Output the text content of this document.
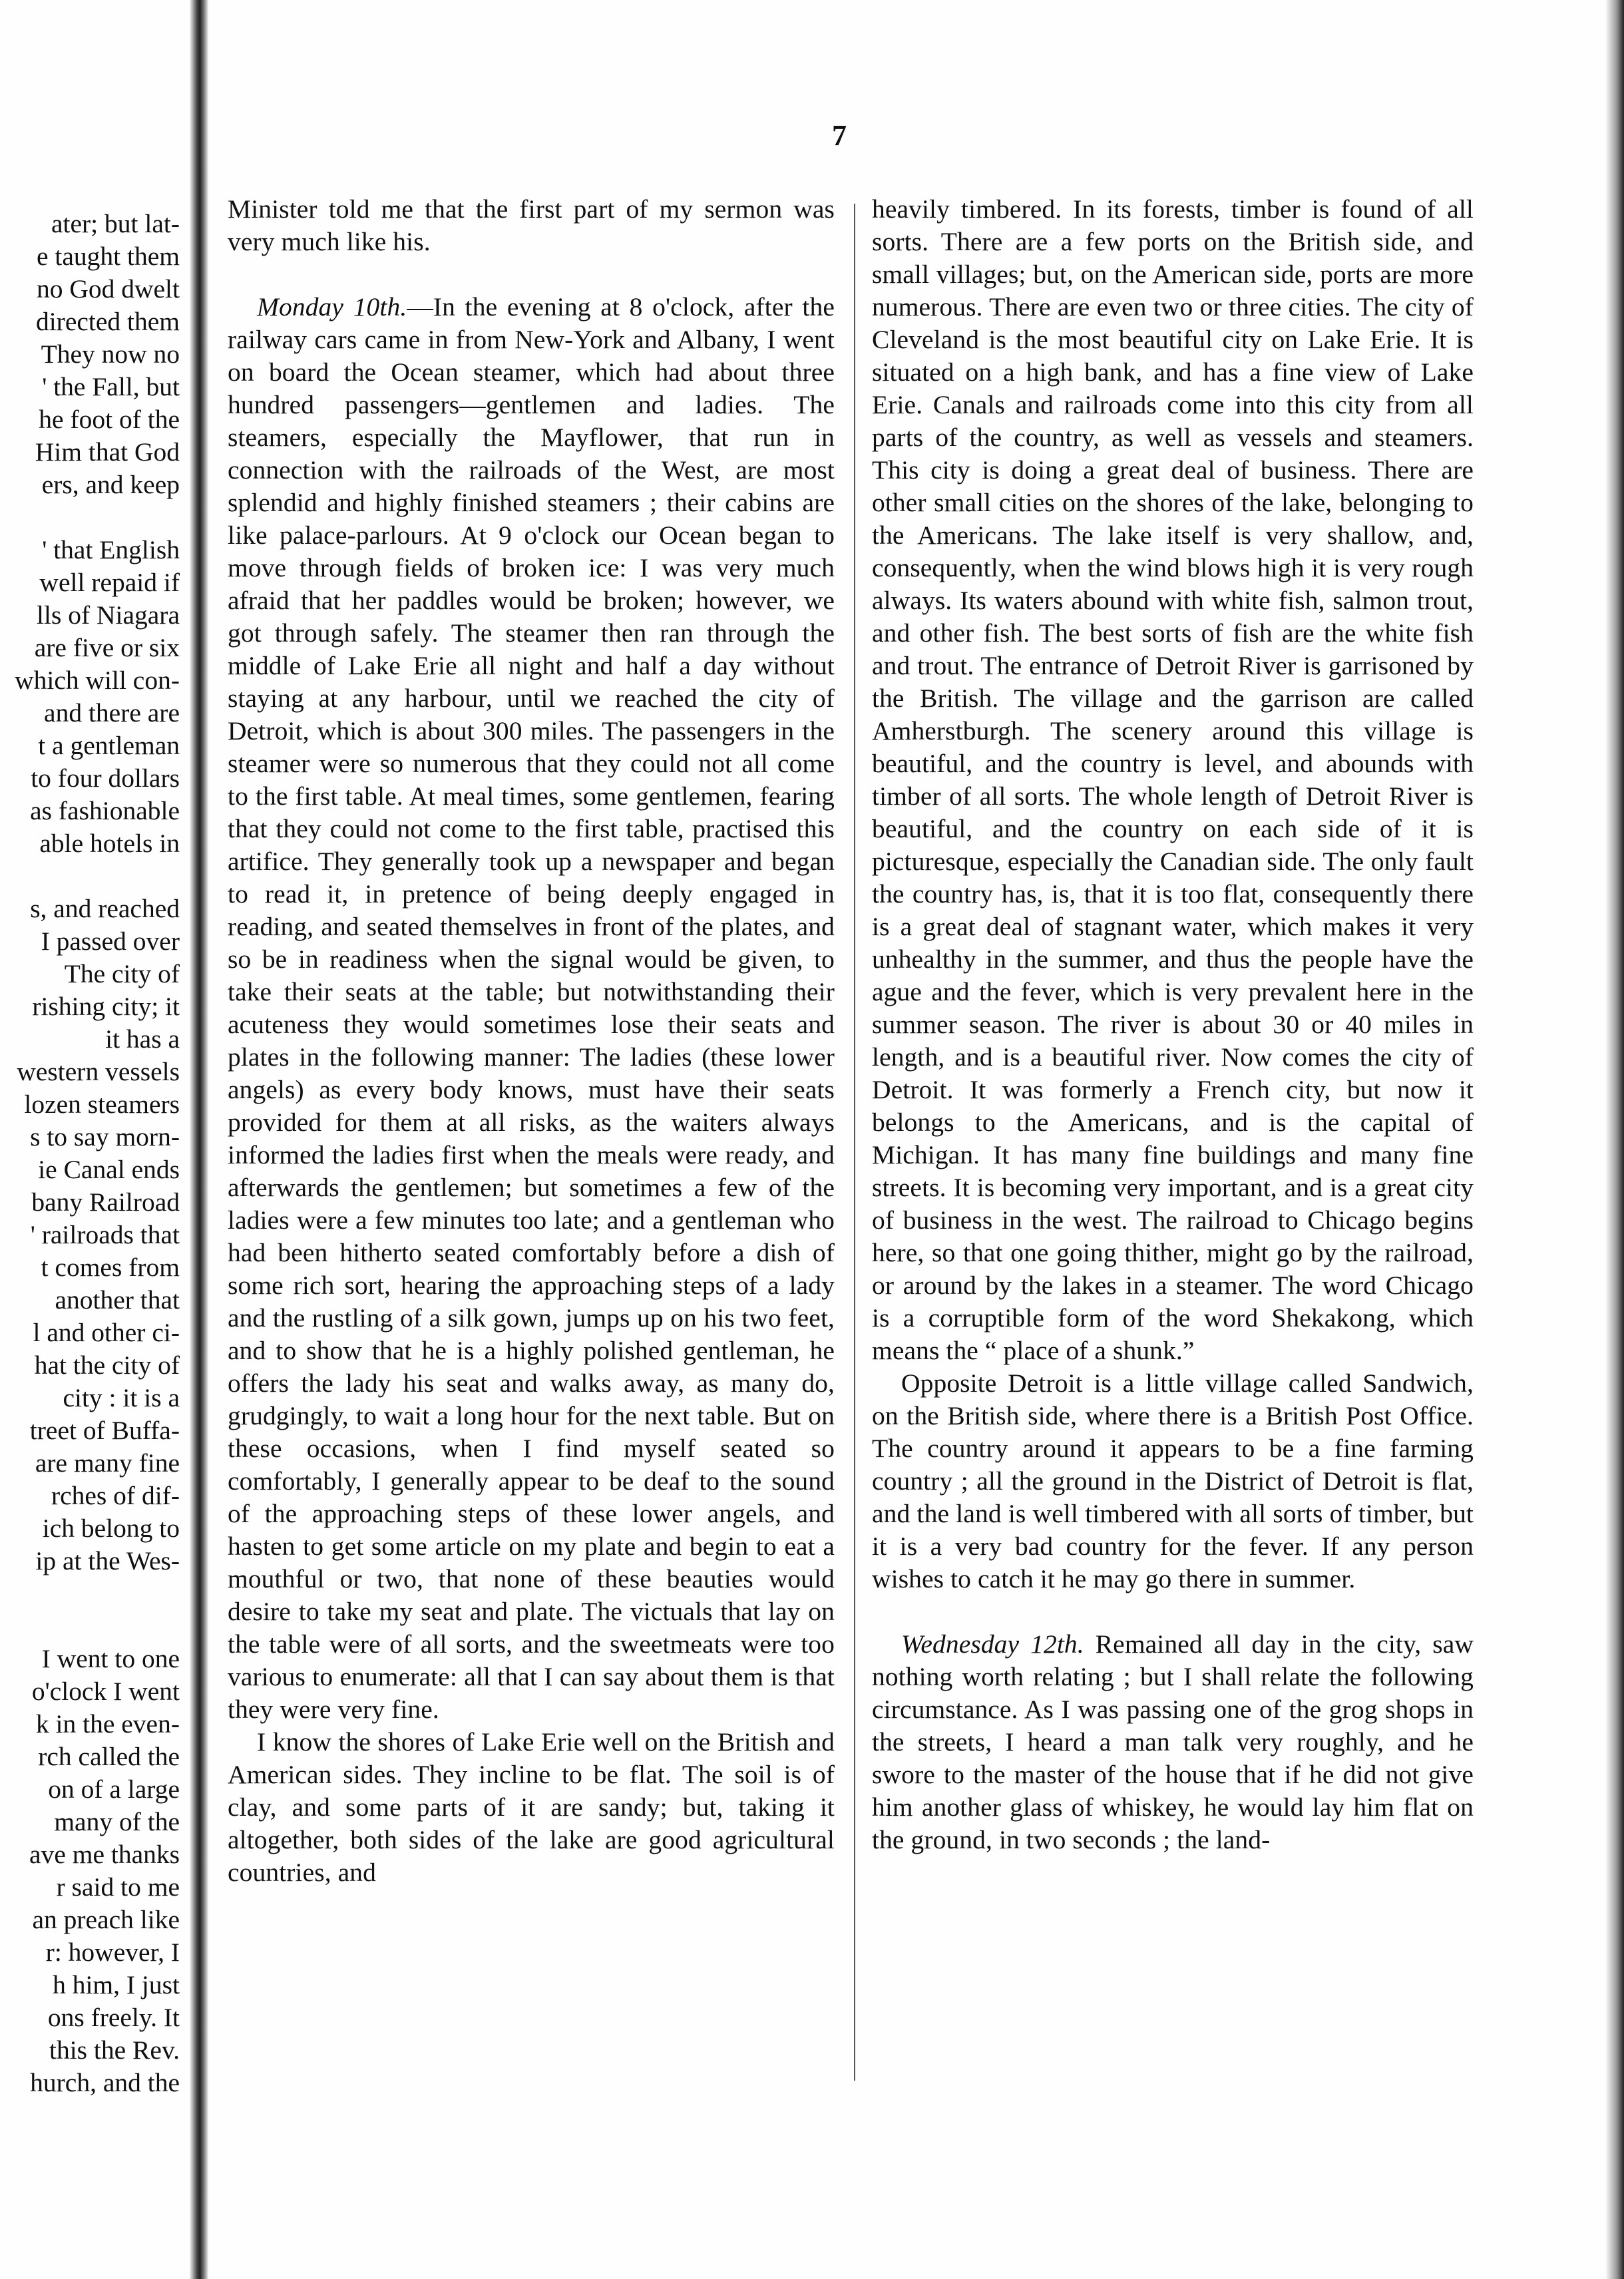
ater; but lat-
e taught them
no God dwelt
directed them
They now no
' the Fall, but
he foot of the
Him that God
ers, and keep
' that English
well repaid if
lls of Niagara
are five or six
which will con-
and there are
t a gentleman
to four dollars
as fashionable
able hotels in
s, and reached
I passed over
The city of
rishing city; it
it has a
western vessels
lozen steamers
s to say morn-
ie Canal ends
bany Railroad
' railroads that
t comes from
another that
l and other ci-
hat the city of
city : it is a
treet of Buffa-
are many fine
rches of dif-
ich belong to
ip at the Wes-
I went to one
o'clock I went
k in the even-
rch called the
on of a large
many of the
ave me thanks
r said to me
an preach like
r: however, I
h him, I just
ons freely. It
this the Rev.
hurch, and the
7

Minister told me that the first part of my sermon was very much like his.

Monday 10th.—In the evening at 8 o'clock, after the railway cars came in from New-York and Albany, I went on board the Ocean steamer, which had about three hundred passengers—gentlemen and ladies. The steamers, especially the Mayflower, that run in connection with the railroads of the West, are most splendid and highly finished steamers ; their cabins are like palace-parlours. At 9 o'clock our Ocean began to move through fields of broken ice: I was very much afraid that her paddles would be broken; however, we got through safely. The steamer then ran through the middle of Lake Erie all night and half a day without staying at any harbour, until we reached the city of Detroit, which is about 300 miles. The passengers in the steamer were so numerous that they could not all come to the first table. At meal times, some gentlemen, fearing that they could not come to the first table, practised this artifice. They generally took up a newspaper and began to read it, in pretence of being deeply engaged in reading, and seated themselves in front of the plates, and so be in readiness when the signal would be given, to take their seats at the table; but notwithstanding their acuteness they would sometimes lose their seats and plates in the following manner: The ladies (these lower angels) as every body knows, must have their seats provided for them at all risks, as the waiters always informed the ladies first when the meals were ready, and afterwards the gentlemen; but sometimes a few of the ladies were a few minutes too late; and a gentleman who had been hitherto seated comfortably before a dish of some rich sort, hearing the approaching steps of a lady and the rustling of a silk gown, jumps up on his two feet, and to show that he is a highly polished gentleman, he offers the lady his seat and walks away, as many do, grudgingly, to wait a long hour for the next table. But on these occasions, when I find myself seated so comfortably, I generally appear to be deaf to the sound of the approaching steps of these lower angels, and hasten to get some article on my plate and begin to eat a mouthful or two, that none of these beauties would desire to take my seat and plate. The victuals that lay on the table were of all sorts, and the sweetmeats were too various to enumerate: all that I can say about them is that they were very fine.

I know the shores of Lake Erie well on the British and American sides. They incline to be flat. The soil is of clay, and some parts of it are sandy; but, taking it altogether, both sides of the lake are good agricultural countries, and

heavily timbered. In its forests, timber is found of all sorts. There are a few ports on the British side, and small villages; but, on the American side, ports are more numerous. There are even two or three cities. The city of Cleveland is the most beautiful city on Lake Erie. It is situated on a high bank, and has a fine view of Lake Erie. Canals and railroads come into this city from all parts of the country, as well as vessels and steamers. This city is doing a great deal of business. There are other small cities on the shores of the lake, belonging to the Americans. The lake itself is very shallow, and, consequently, when the wind blows high it is very rough always. Its waters abound with white fish, salmon trout, and other fish. The best sorts of fish are the white fish and trout. The entrance of Detroit River is garrisoned by the British. The village and the garrison are called Amherstburgh. The scenery around this village is beautiful, and the country is level, and abounds with timber of all sorts. The whole length of Detroit River is beautiful, and the country on each side of it is picturesque, especially the Canadian side. The only fault the country has, is, that it is too flat, consequently there is a great deal of stagnant water, which makes it very unhealthy in the summer, and thus the people have the ague and the fever, which is very prevalent here in the summer season. The river is about 30 or 40 miles in length, and is a beautiful river. Now comes the city of Detroit. It was formerly a French city, but now it belongs to the Americans, and is the capital of Michigan. It has many fine buildings and many fine streets. It is becoming very important, and is a great city of business in the west. The railroad to Chicago begins here, so that one going thither, might go by the railroad, or around by the lakes in a steamer. The word Chicago is a corruptible form of the word Shekakong, which means the “ place of a shunk.”

Opposite Detroit is a little village called Sandwich, on the British side, where there is a British Post Office. The country around it appears to be a fine farming country ; all the ground in the District of Detroit is flat, and the land is well timbered with all sorts of timber, but it is a very bad country for the fever. If any person wishes to catch it he may go there in summer.

Wednesday 12th. Remained all day in the city, saw nothing worth relating ; but I shall relate the following circumstance. As I was passing one of the grog shops in the streets, I heard a man talk very roughly, and he swore to the master of the house that if he did not give him another glass of whiskey, he would lay him flat on the ground, in two seconds ; the land-
